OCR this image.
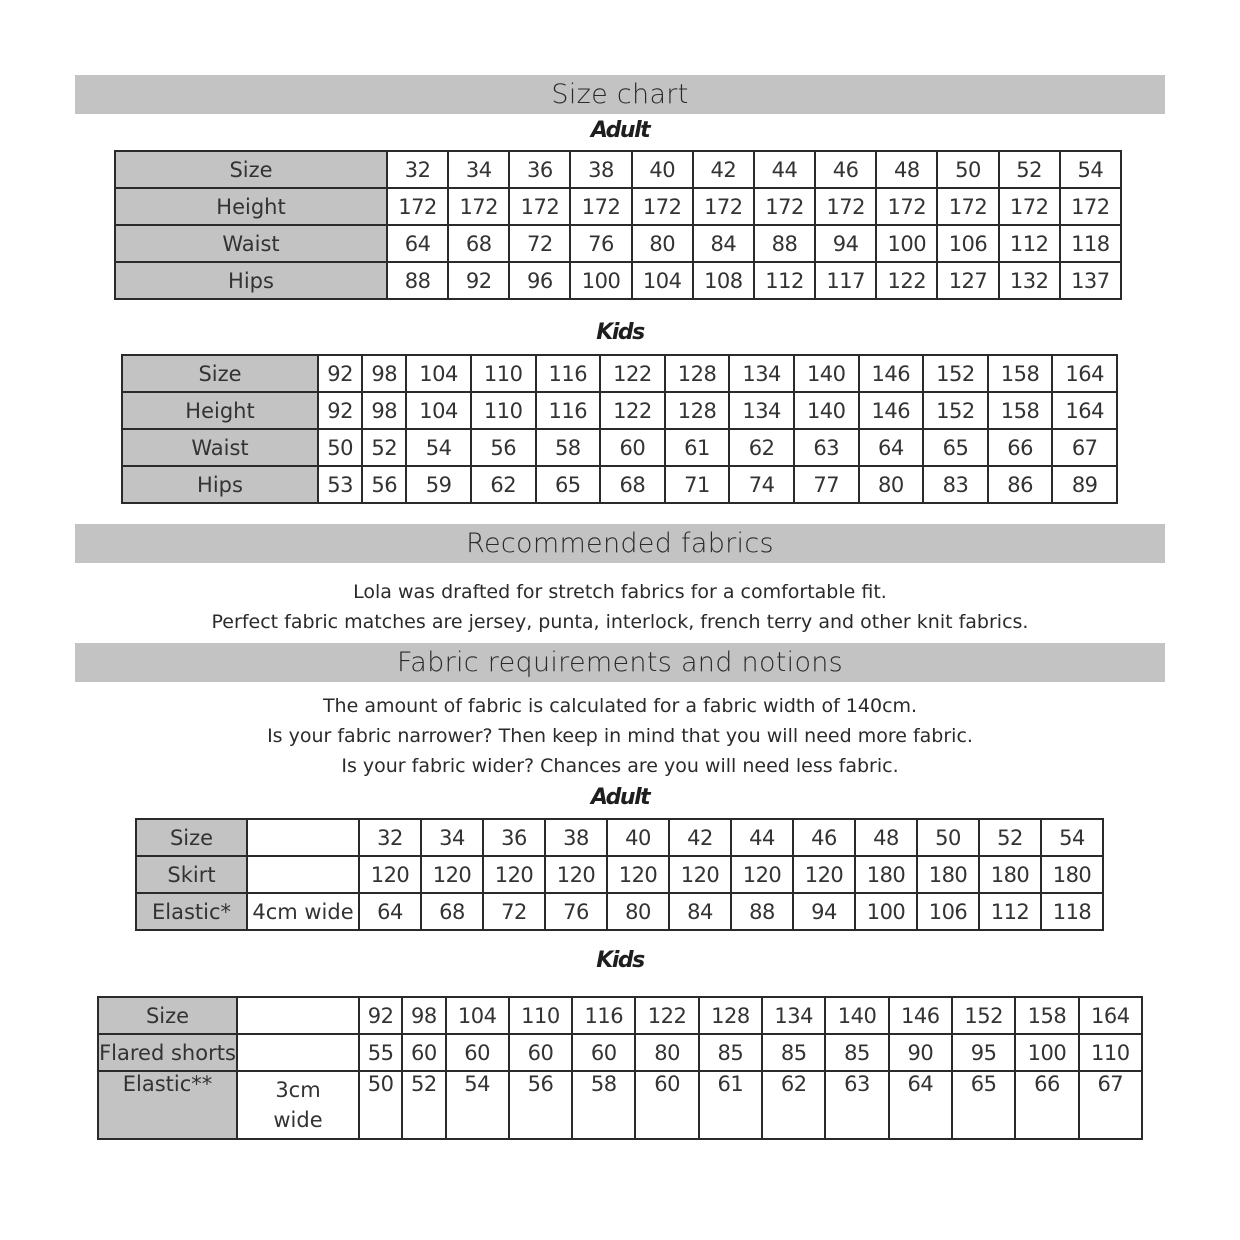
Size chart
Adult
Size	32	34	36	38	40	42	44	46	48	50	52	54
Height	172	172	172	172	172	172	172	172	172	172	172	172
Waist	64	68	72	76	80	84	88	94	100	106	112	118
Hips	88	92	96	100	104	108	112	117	122	127	132	137
Kids
Size	92	98	104	110	116	122	128	134	140	146	152	158	164
Height	92	98	104	110	116	122	128	134	140	146	152	158	164
Waist	50	52	54	56	58	60	61	62	63	64	65	66	67
Hips	53	56	59	62	65	68	71	74	77	80	83	86	89
Recommended fabrics
Lola was drafted for stretch fabrics for a comfortable fit.
Perfect fabric matches are jersey, punta, interlock, french terry and other knit fabrics.
Fabric requirements and notions
The amount of fabric is calculated for a fabric width of 140cm.
Is your fabric narrower? Then keep in mind that you will need more fabric.
Is your fabric wider? Chances are you will need less fabric.
Adult
Size		32	34	36	38	40	42	44	46	48	50	52	54
Skirt		120	120	120	120	120	120	120	120	180	180	180	180
Elastic*	4cm wide	64	68	72	76	80	84	88	94	100	106	112	118
Kids
Size		92	98	104	110	116	122	128	134	140	146	152	158	164
Flared shorts		55	60	60	60	60	80	85	85	85	90	95	100	110
Elastic**	3cm wide	50	52	54	56	58	60	61	62	63	64	65	66	67
